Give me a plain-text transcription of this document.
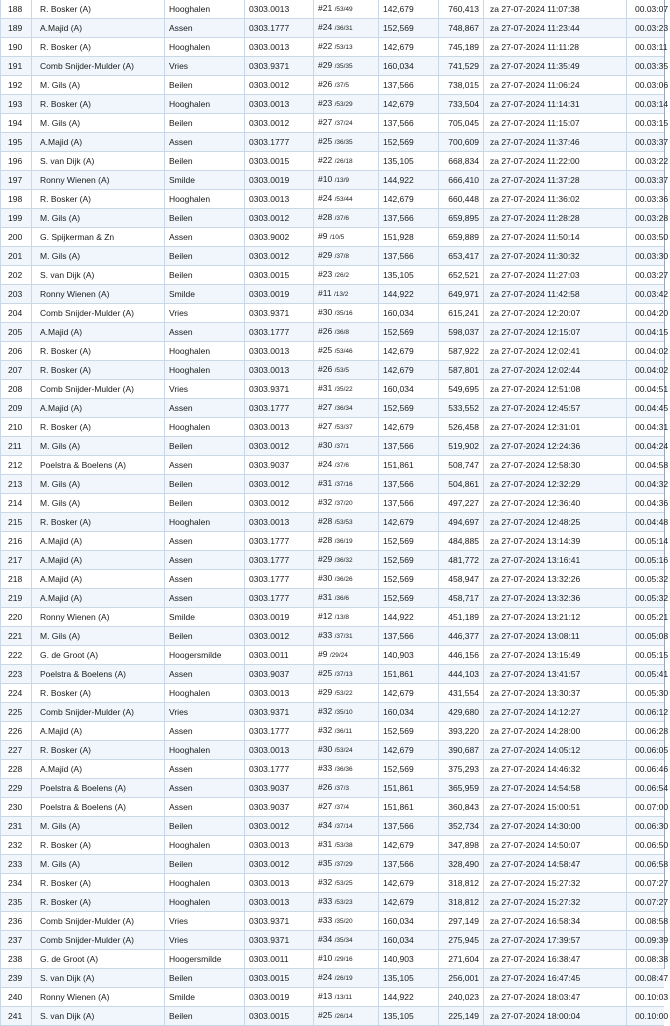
188	R. Bosker (A)	Hooghalen	0303.0013	#21 /53/49	142,679	760,413	za 27-07-2024 11:07:38	00.03:07
189	A.Majid (A)	Assen	0303.1777	#24 /36/31	152,569	748,867	za 27-07-2024 11:23:44	00.03:23
190	R. Bosker (A)	Hooghalen	0303.0013	#22 /53/13	142,679	745,189	za 27-07-2024 11:11:28	00.03:11
191	Comb Snijder-Mulder (A)	Vries	0303.9371	#29 /35/35	160,034	741,529	za 27-07-2024 11:35:49	00.03:35
192	M. Gils (A)	Beilen	0303.0012	#26 /37/5	137,566	738,015	za 27-07-2024 11:06:24	00.03:06
193	R. Bosker (A)	Hooghalen	0303.0013	#23 /53/29	142,679	733,504	za 27-07-2024 11:14:31	00.03:14
194	M. Gils (A)	Beilen	0303.0012	#27 /37/24	137,566	705,045	za 27-07-2024 11:15:07	00.03:15
195	A.Majid (A)	Assen	0303.1777	#25 /36/35	152,569	700,609	za 27-07-2024 11:37:46	00.03:37
196	S. van Dijk (A)	Beilen	0303.0015	#22 /26/18	135,105	668,834	za 27-07-2024 11:22:00	00.03:22
197	Ronny Wienen (A)	Smilde	0303.0019	#10 /13/9	144,922	666,410	za 27-07-2024 11:37:28	00.03:37
198	R. Bosker (A)	Hooghalen	0303.0013	#24 /53/44	142,679	660,448	za 27-07-2024 11:36:02	00.03:36
199	M. Gils (A)	Beilen	0303.0012	#28 /37/6	137,566	659,895	za 27-07-2024 11:28:28	00.03:28
200	G. Spijkerman & Zn	Assen	0303.9002	#9 /10/5	151,928	659,889	za 27-07-2024 11:50:14	00.03:50
201	M. Gils (A)	Beilen	0303.0012	#29 /37/8	137,566	653,417	za 27-07-2024 11:30:32	00.03:30
202	S. van Dijk (A)	Beilen	0303.0015	#23 /26/2	135,105	652,521	za 27-07-2024 11:27:03	00.03:27
203	Ronny Wienen (A)	Smilde	0303.0019	#11 /13/2	144,922	649,971	za 27-07-2024 11:42:58	00.03:42
204	Comb Snijder-Mulder (A)	Vries	0303.9371	#30 /35/16	160,034	615,241	za 27-07-2024 12:20:07	00.04:20
205	A.Majid (A)	Assen	0303.1777	#26 /36/8	152,569	598,037	za 27-07-2024 12:15:07	00.04:15
206	R. Bosker (A)	Hooghalen	0303.0013	#25 /53/46	142,679	587,922	za 27-07-2024 12:02:41	00.04:02
207	R. Bosker (A)	Hooghalen	0303.0013	#26 /53/5	142,679	587,801	za 27-07-2024 12:02:44	00.04:02
208	Comb Snijder-Mulder (A)	Vries	0303.9371	#31 /35/22	160,034	549,695	za 27-07-2024 12:51:08	00.04:51
209	A.Majid (A)	Assen	0303.1777	#27 /36/34	152,569	533,552	za 27-07-2024 12:45:57	00.04:45
210	R. Bosker (A)	Hooghalen	0303.0013	#27 /53/37	142,679	526,458	za 27-07-2024 12:31:01	00.04:31
211	M. Gils (A)	Beilen	0303.0012	#30 /37/1	137,566	519,902	za 27-07-2024 12:24:36	00.04:24
212	Poelstra & Boelens (A)	Assen	0303.9037	#24 /37/6	151,861	508,747	za 27-07-2024 12:58:30	00.04:58
213	M. Gils (A)	Beilen	0303.0012	#31 /37/16	137,566	504,861	za 27-07-2024 12:32:29	00.04:32
214	M. Gils (A)	Beilen	0303.0012	#32 /37/20	137,566	497,227	za 27-07-2024 12:36:40	00.04:36
215	R. Bosker (A)	Hooghalen	0303.0013	#28 /53/53	142,679	494,697	za 27-07-2024 12:48:25	00.04:48
216	A.Majid (A)	Assen	0303.1777	#28 /36/19	152,569	484,885	za 27-07-2024 13:14:39	00.05:14
217	A.Majid (A)	Assen	0303.1777	#29 /36/32	152,569	481,772	za 27-07-2024 13:16:41	00.05:16
218	A.Majid (A)	Assen	0303.1777	#30 /36/26	152,569	458,947	za 27-07-2024 13:32:26	00.05:32
219	A.Majid (A)	Assen	0303.1777	#31 /36/6	152,569	458,717	za 27-07-2024 13:32:36	00.05:32
220	Ronny Wienen (A)	Smilde	0303.0019	#12 /13/8	144,922	451,189	za 27-07-2024 13:21:12	00.05:21
221	M. Gils (A)	Beilen	0303.0012	#33 /37/31	137,566	446,377	za 27-07-2024 13:08:11	00.05:08
222	G. de Groot (A)	Hoogersmilde	0303.0011	#9 /29/24	140,903	446,156	za 27-07-2024 13:15:49	00.05:15
223	Poelstra & Boelens (A)	Assen	0303.9037	#25 /37/13	151,861	444,103	za 27-07-2024 13:41:57	00.05:41
224	R. Bosker (A)	Hooghalen	0303.0013	#29 /53/22	142,679	431,554	za 27-07-2024 13:30:37	00.05:30
225	Comb Snijder-Mulder (A)	Vries	0303.9371	#32 /35/10	160,034	429,680	za 27-07-2024 14:12:27	00.06:12
226	A.Majid (A)	Assen	0303.1777	#32 /36/11	152,569	393,220	za 27-07-2024 14:28:00	00.06:28
227	R. Bosker (A)	Hooghalen	0303.0013	#30 /53/24	142,679	390,687	za 27-07-2024 14:05:12	00.06:05
228	A.Majid (A)	Assen	0303.1777	#33 /36/36	152,569	375,293	za 27-07-2024 14:46:32	00.06:46
229	Poelstra & Boelens (A)	Assen	0303.9037	#26 /37/3	151,861	365,959	za 27-07-2024 14:54:58	00.06:54
230	Poelstra & Boelens (A)	Assen	0303.9037	#27 /37/4	151,861	360,843	za 27-07-2024 15:00:51	00.07:00
231	M. Gils (A)	Beilen	0303.0012	#34 /37/14	137,566	352,734	za 27-07-2024 14:30:00	00.06:30
232	R. Bosker (A)	Hooghalen	0303.0013	#31 /53/38	142,679	347,898	za 27-07-2024 14:50:07	00.06:50
233	M. Gils (A)	Beilen	0303.0012	#35 /37/29	137,566	328,490	za 27-07-2024 14:58:47	00.06:58
234	R. Bosker (A)	Hooghalen	0303.0013	#32 /53/25	142,679	318,812	za 27-07-2024 15:27:32	00.07:27
235	R. Bosker (A)	Hooghalen	0303.0013	#33 /53/23	142,679	318,812	za 27-07-2024 15:27:32	00.07:27
236	Comb Snijder-Mulder (A)	Vries	0303.9371	#33 /35/20	160,034	297,149	za 27-07-2024 16:58:34	00.08:58
237	Comb Snijder-Mulder (A)	Vries	0303.9371	#34 /35/34	160,034	275,945	za 27-07-2024 17:39:57	00.09:39
238	G. de Groot (A)	Hoogersmilde	0303.0011	#10 /29/16	140,903	271,604	za 27-07-2024 16:38:47	00.08:38
239	S. van Dijk (A)	Beilen	0303.0015	#24 /26/19	135,105	256,001	za 27-07-2024 16:47:45	00.08:47
240	Ronny Wienen (A)	Smilde	0303.0019	#13 /13/11	144,922	240,023	za 27-07-2024 18:03:47	00.10:03
241	S. van Dijk (A)	Beilen	0303.0015	#25 /26/14	135,105	225,149	za 27-07-2024 18:00:04	00.10:00
